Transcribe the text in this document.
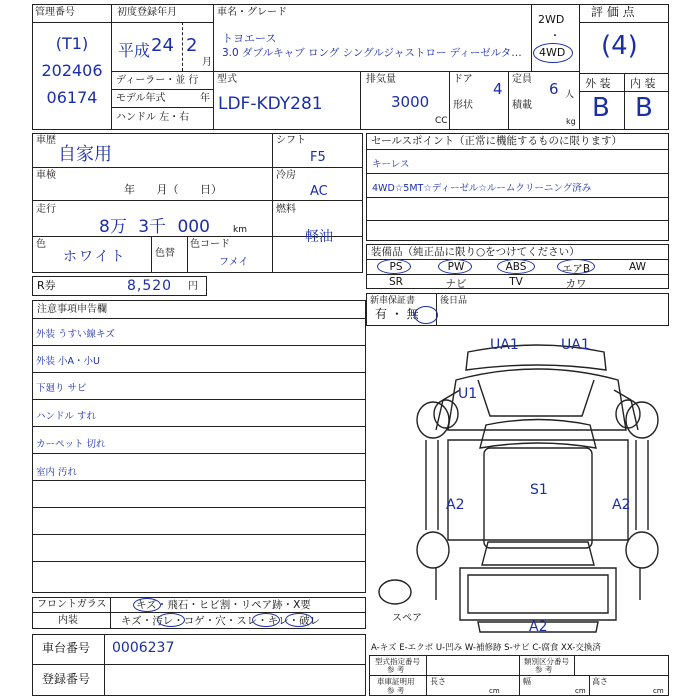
管理番号
(T1)
202406
06174
初度登録年月
平成 24 2
月
ディーラー・並 行
モデル年式	年
ハンドル 左・右
車名・グレード
トヨエース
3.0 ダブルキャブ ロング シングルジャストロー ディーゼルタ…
2WD
・
4WD
型式
LDF-KDY281
排気量
3000
CC
ドア
4
定員
6 人
形状	積載
kg
評 価 点
(4)
外 装 内 装
B B
車歴
自家用
車検
年 月（ 日）
走行
8万 3千 000	km
色
ホワイト	色替
色コード
フメイ
シフト
F5
冷房
AC
燃料
軽油
R券	8,520 円
注意事項申告欄
外装 うすい線キズ
外装 小A・小U
下廻り サビ
ハンドル すれ
カーペット 切れ
室内 汚れ
セールスポイント（正常に機能するものに限ります）
キーレス
4WD☆5MT☆ディーゼル☆ルームクリーニング済み
装備品（純正品に限り○をつけてください）
PS	PW	ABS	エアB	AW
SR	ナビ	TV	カワ
新車保証書
有 ・ 無
後日品
UA1	UA1
U1
S1
A2	A2
A2
スペア
フロントガラス	キズ・飛石・ヒビ割・リペア跡・X要
内装	キズ・汚レ・コゲ・穴・スレ・キレ・破レ
車台番号 0006237
登録番号
A-キズ E-エクボ U-凹み W-補修跡 S-サビ C-腐食 XX-交換済
型式指定番号
参 考
類別区分番号
参 考
車庫証明用
参 考
長さ
cm
幅
cm
高さ
cm
